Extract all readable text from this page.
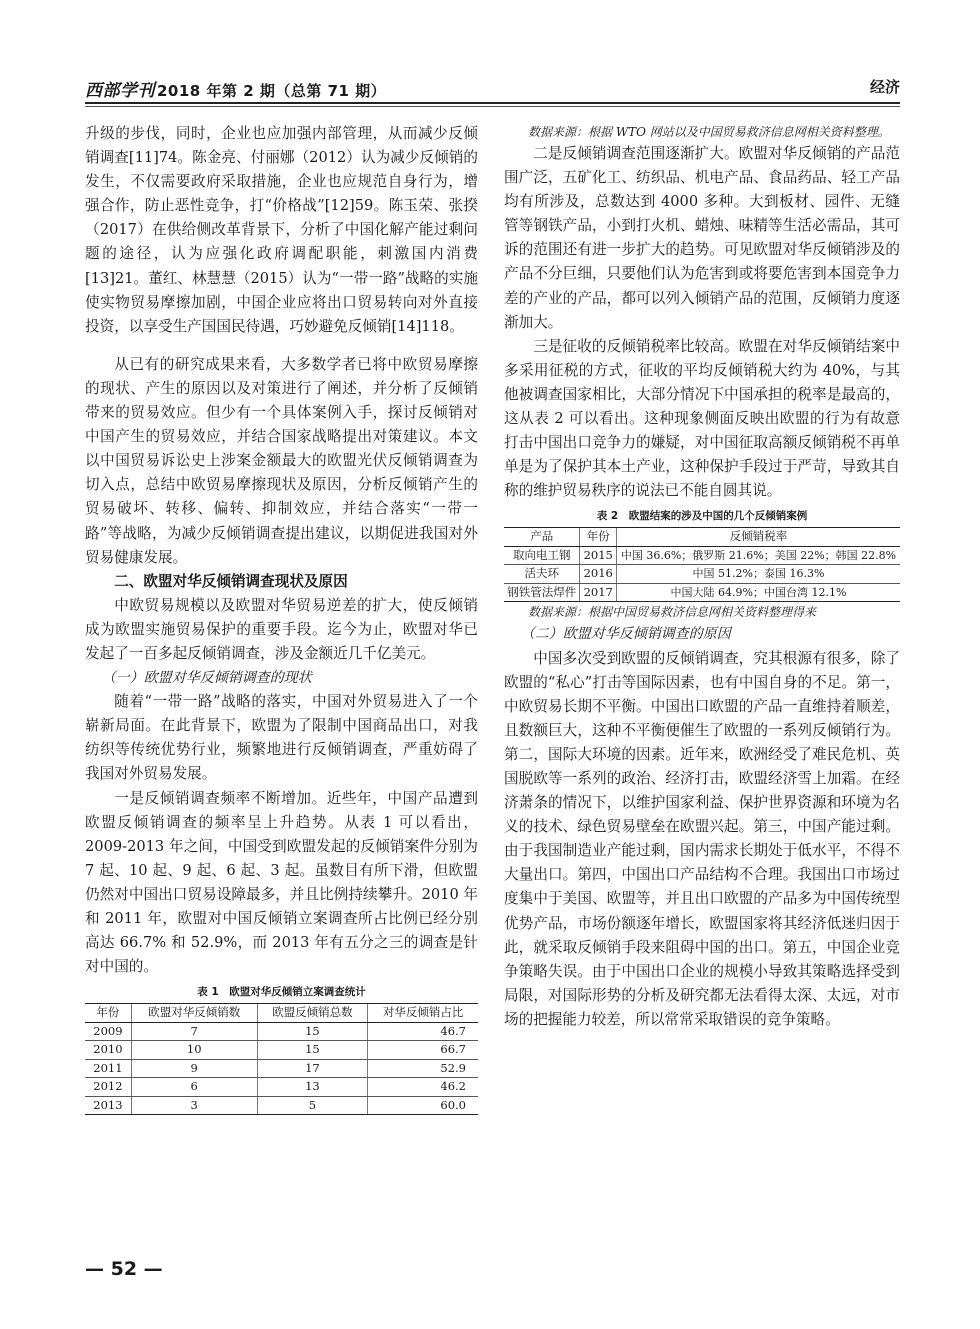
西部学刊 2018 年第 2 期（总第 71 期）	经济

升级的步伐，同时，企业也应加强内部管理，从而减少反倾销调查[11]74。陈金亮、付丽娜（2012）认为减少反倾销的发生，不仅需要政府采取措施，企业也应规范自身行为，增强合作，防止恶性竞争，打“价格战”[12]59。陈玉荣、张揆（2017）在供给侧改革背景下，分析了中国化解产能过剩问题的途径，认为应强化政府调配职能，刺激国内消费[13]21。董红、林慧慧（2015）认为“一带一路”战略的实施使实物贸易摩擦加剧，中国企业应将出口贸易转向对外直接投资，以享受生产国国民待遇，巧妙避免反倾销[14]118。

从已有的研究成果来看，大多数学者已将中欧贸易摩擦的现状、产生的原因以及对策进行了阐述，并分析了反倾销带来的贸易效应。但少有一个具体案例入手，探讨反倾销对中国产生的贸易效应，并结合国家战略提出对策建议。本文以中国贸易诉讼史上涉案金额最大的欧盟光伏反倾销调查为切入点，总结中欧贸易摩擦现状及原因，分析反倾销产生的贸易破坏、转移、偏转、抑制效应，并结合落实“一带一路”等战略，为减少反倾销调查提出建议，以期促进我国对外贸易健康发展。

二、欧盟对华反倾销调查现状及原因

中欧贸易规模以及欧盟对华贸易逆差的扩大，使反倾销成为欧盟实施贸易保护的重要手段。迄今为止，欧盟对华已发起了一百多起反倾销调查，涉及金额近几千亿美元。

（一）欧盟对华反倾销调查的现状

随着“一带一路”战略的落实，中国对外贸易进入了一个崭新局面。在此背景下，欧盟为了限制中国商品出口，对我纺织等传统优势行业，频繁地进行反倾销调查，严重妨碍了我国对外贸易发展。

一是反倾销调查频率不断增加。近些年，中国产品遭到欧盟反倾销调查的频率呈上升趋势。从表 1 可以看出，2009-2013 年之间，中国受到欧盟发起的反倾销案件分别为 7 起、10 起、9 起、6 起、3 起。虽数目有所下滑，但欧盟仍然对中国出口贸易设障最多，并且比例持续攀升。2010 年和 2011 年，欧盟对中国反倾销立案调查所占比例已经分别高达 66.7% 和 52.9%，而 2013 年有五分之三的调查是针对中国的。

表 1　欧盟对华反倾销立案调查统计
年份	欧盟对华反倾销数	欧盟反倾销总数	对华反倾销占比
2009	7	15	46.7
2010	10	15	66.7
2011	9	17	52.9
2012	6	13	46.2
2013	3	5	60.0

数据来源：根据 WTO 网站以及中国贸易救济信息网相关资料整理。

二是反倾销调查范围逐渐扩大。欧盟对华反倾销的产品范围广泛，五矿化工、纺织品、机电产品、食品药品、轻工产品均有所涉及，总数达到 4000 多种。大到板材、园件、无缝管等钢铁产品，小到打火机、蜡烛、味精等生活必需品，其可诉的范围还有进一步扩大的趋势。可见欧盟对华反倾销涉及的产品不分巨细，只要他们认为危害到或将要危害到本国竞争力差的产业的产品，都可以列入倾销产品的范围，反倾销力度逐渐加大。

三是征收的反倾销税率比较高。欧盟在对华反倾销结案中多采用征税的方式，征收的平均反倾销税大约为 40%，与其他被调查国家相比，大部分情况下中国承担的税率是最高的，这从表 2 可以看出。这种现象侧面反映出欧盟的行为有故意打击中国出口竞争力的嫌疑，对中国征取高额反倾销税不再单单是为了保护其本土产业，这种保护手段过于严苛，导致其自称的维护贸易秩序的说法已不能自圆其说。

表 2　欧盟结案的涉及中国的几个反倾销案例
产品	年份	反倾销税率
取向电工钢	2015	中国 36.6%；俄罗斯 21.6%；美国 22%；韩国 22.8%
活夫环	2016	中国 51.2%；泰国 16.3%
钢铁管法焊件	2017	中国大陆 64.9%；中国台湾 12.1%

数据来源：根据中国贸易救济信息网相关资料整理得来

（二）欧盟对华反倾销调查的原因

中国多次受到欧盟的反倾销调查，究其根源有很多，除了欧盟的“私心”打击等国际因素，也有中国自身的不足。第一，中欧贸易长期不平衡。中国出口欧盟的产品一直维持着顺差，且数额巨大，这种不平衡便催生了欧盟的一系列反倾销行为。第二，国际大环境的因素。近年来，欧洲经受了难民危机、英国脱欧等一系列的政治、经济打击，欧盟经济雪上加霜。在经济萧条的情况下，以维护国家利益、保护世界资源和环境为名义的技术、绿色贸易壁垒在欧盟兴起。第三，中国产能过剩。由于我国制造业产能过剩，国内需求长期处于低水平，不得不大量出口。第四，中国出口产品结构不合理。我国出口市场过度集中于美国、欧盟等，并且出口欧盟的产品多为中国传统型优势产品，市场份额逐年增长，欧盟国家将其经济低迷归因于此，就采取反倾销手段来阻碍中国的出口。第五，中国企业竞争策略失误。由于中国出口企业的规模小导致其策略选择受到局限，对国际形势的分析及研究都无法看得太深、太远，对市场的把握能力较差，所以常常采取错误的竞争策略。

— 52 —
